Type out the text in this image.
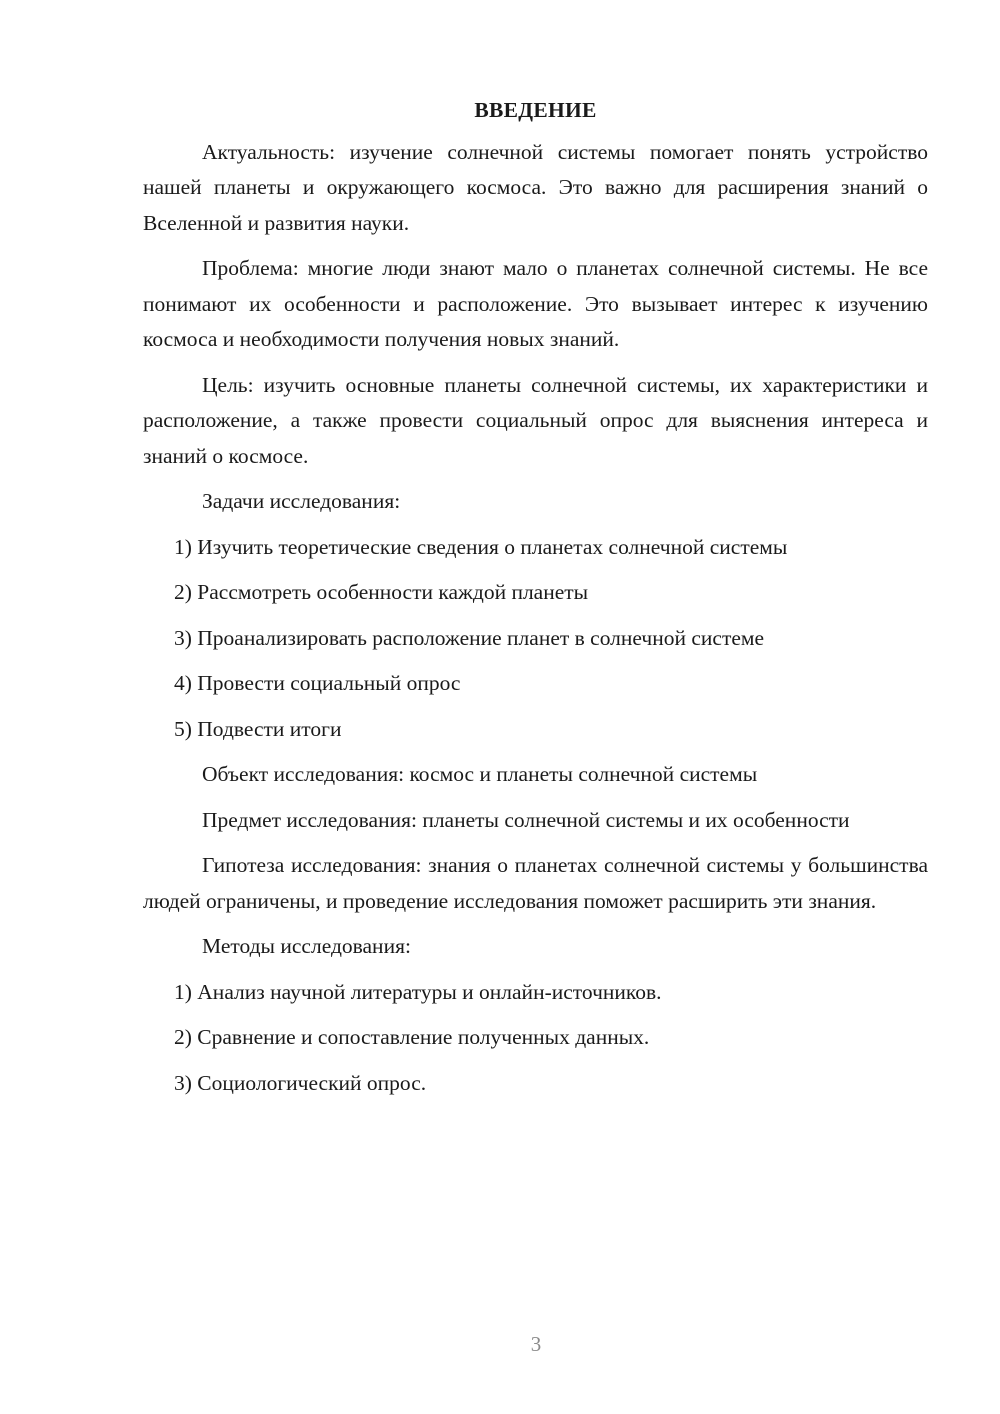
ВВЕДЕНИЕ

Актуальность: изучение солнечной системы помогает понять устройство нашей планеты и окружающего космоса. Это важно для расширения знаний о Вселенной и развития науки.

Проблема: многие люди знают мало о планетах солнечной системы. Не все понимают их особенности и расположение. Это вызывает интерес к изучению космоса и необходимости получения новых знаний.

Цель: изучить основные планеты солнечной системы, их характеристики и расположение, а также провести социальный опрос для выяснения интереса и знаний о космосе.

Задачи исследования:
1) Изучить теоретические сведения о планетах солнечной системы
2) Рассмотреть особенности каждой планеты
3) Проанализировать расположение планет в солнечной системе
4) Провести социальный опрос
5) Подвести итоги

Объект исследования: космос и планеты солнечной системы

Предмет исследования: планеты солнечной системы и их особенности

Гипотеза исследования: знания о планетах солнечной системы у большинства людей ограничены, и проведение исследования поможет расширить эти знания.

Методы исследования:
1) Анализ научной литературы и онлайн-источников.
2) Сравнение и сопоставление полученных данных.
3) Социологический опрос.
3
